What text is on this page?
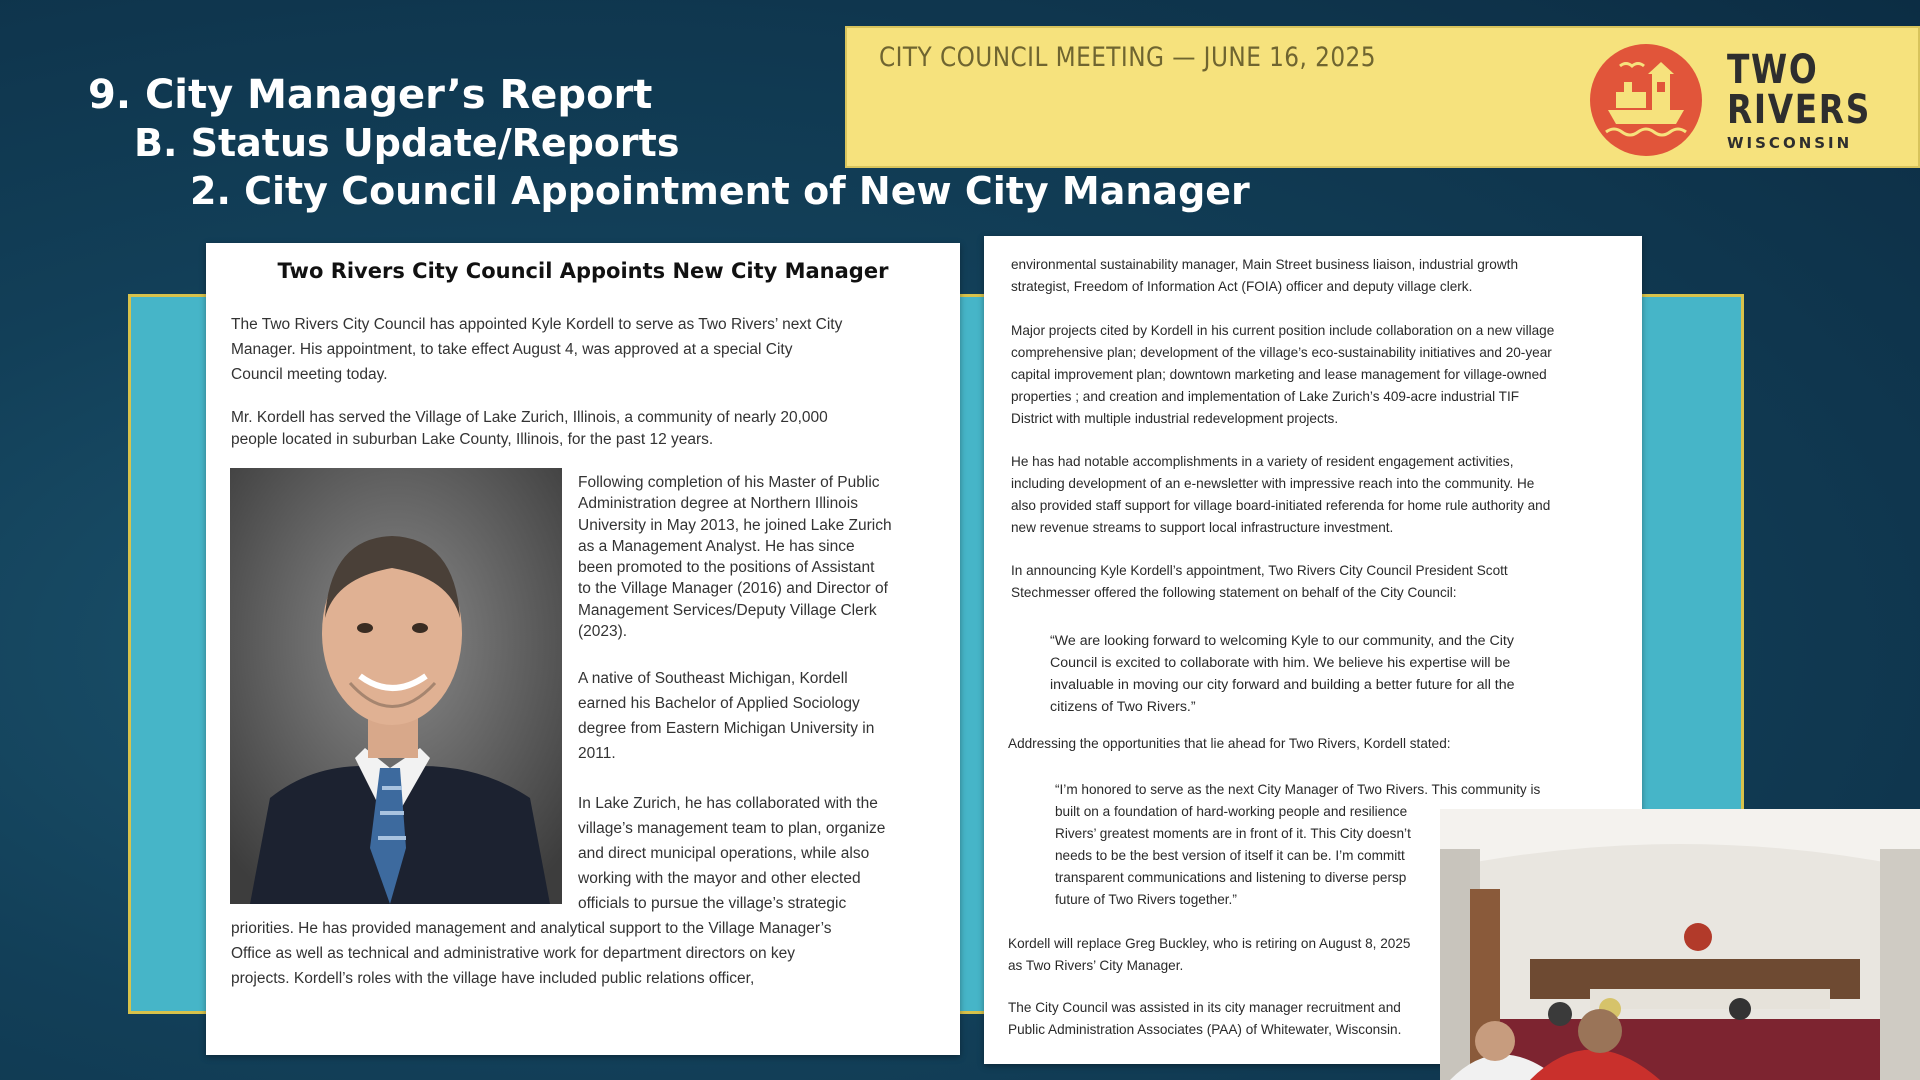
9. City Manager’s Report
B. Status Update/Reports
2. City Council Appointment of New City Manager
CITY COUNCIL MEETING — JUNE 16, 2025	TWO
RIVERS
WISCONSIN
Two Rivers City Council Appoints New City Manager
The Two Rivers City Council has appointed Kyle Kordell to serve as Two Rivers’ next City
Manager. His appointment, to take effect August 4, was approved at a special City
Council meeting today.
Mr. Kordell has served the Village of Lake Zurich, Illinois, a community of nearly 20,000
people located in suburban Lake County, Illinois, for the past 12 years.
Following completion of his Master of Public
Administration degree at Northern Illinois
University in May 2013, he joined Lake Zurich
as a Management Analyst. He has since
been promoted to the positions of Assistant
to the Village Manager (2016) and Director of
Management Services/Deputy Village Clerk
(2023).
A native of Southeast Michigan, Kordell
earned his Bachelor of Applied Sociology
degree from Eastern Michigan University in
2011.
In Lake Zurich, he has collaborated with the
village’s management team to plan, organize
and direct municipal operations, while also
working with the mayor and other elected
officials to pursue the village’s strategic
priorities. He has provided management and analytical support to the Village Manager’s
Office as well as technical and administrative work for department directors on key
projects. Kordell’s roles with the village have included public relations officer,
environmental sustainability manager, Main Street business liaison, industrial growth
strategist, Freedom of Information Act (FOIA) officer and deputy village clerk.
Major projects cited by Kordell in his current position include collaboration on a new village
comprehensive plan; development of the village’s eco-sustainability initiatives and 20-year
capital improvement plan; downtown marketing and lease management for village-owned
properties ; and creation and implementation of Lake Zurich’s 409-acre industrial TIF
District with multiple industrial redevelopment projects.
He has had notable accomplishments in a variety of resident engagement activities,
including development of an e-newsletter with impressive reach into the community. He
also provided staff support for village board-initiated referenda for home rule authority and
new revenue streams to support local infrastructure investment.
In announcing Kyle Kordell’s appointment, Two Rivers City Council President Scott
Stechmesser offered the following statement on behalf of the City Council:
“We are looking forward to welcoming Kyle to our community, and the City
Council is excited to collaborate with him. We believe his expertise will be
invaluable in moving our city forward and building a better future for all the
citizens of Two Rivers.”
Addressing the opportunities that lie ahead for Two Rivers, Kordell stated:
“I’m honored to serve as the next City Manager of Two Rivers. This community is
built on a foundation of hard-working people and resilience
Rivers’ greatest moments are in front of it. This City doesn’t
needs to be the best version of itself it can be. I’m committ
transparent communications and listening to diverse persp
future of Two Rivers together.”
Kordell will replace Greg Buckley, who is retiring on August 8, 2025
as Two Rivers’ City Manager.
The City Council was assisted in its city manager recruitment and
Public Administration Associates (PAA) of Whitewater, Wisconsin.
